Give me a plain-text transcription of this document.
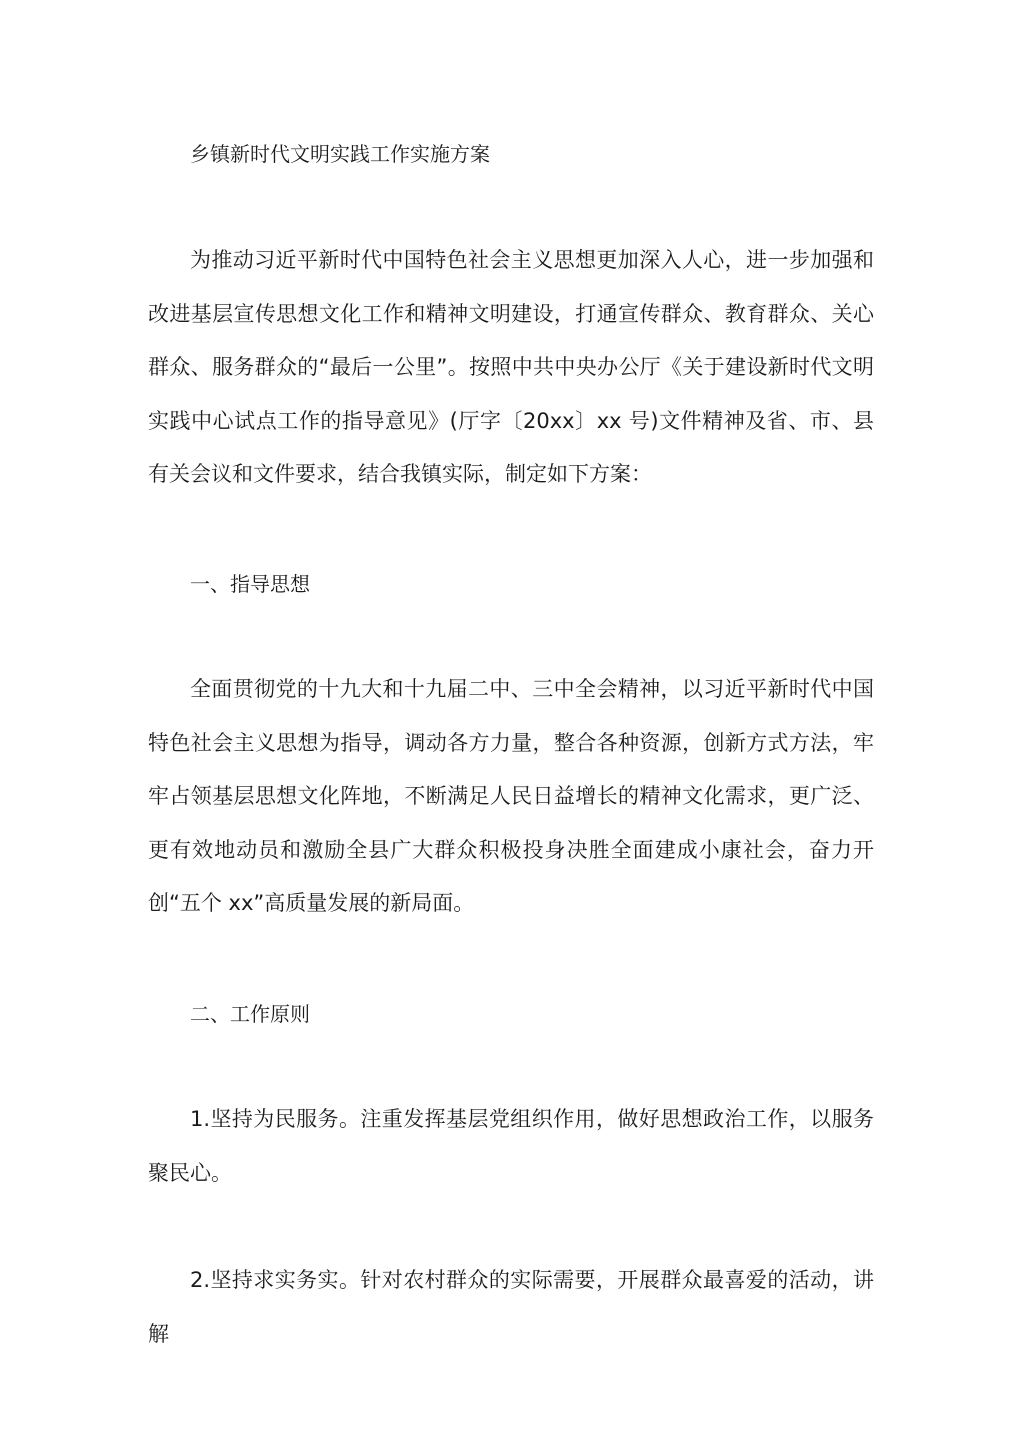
乡镇新时代文明实践工作实施方案
为推动习近平新时代中国特色社会主义思想更加深入人心，进一步加强和改进基层宣传思想文化工作和精神文明建设，打通宣传群众、教育群众、关心群众、服务群众的“最后一公里”。按照中共中央办公厅《关于建设新时代文明实践中心试点工作的指导意见》(厅字〔20xx〕xx 号)文件精神及省、市、县有关会议和文件要求，结合我镇实际，制定如下方案：
一、指导思想
全面贯彻党的十九大和十九届二中、三中全会精神，以习近平新时代中国特色社会主义思想为指导，调动各方力量，整合各种资源，创新方式方法，牢牢占领基层思想文化阵地，不断满足人民日益增长的精神文化需求，更广泛、更有效地动员和激励全县广大群众积极投身决胜全面建成小康社会，奋力开创“五个 xx”高质量发展的新局面。
二、工作原则
1.坚持为民服务。注重发挥基层党组织作用，做好思想政治工作，以服务聚民心。
2.坚持求实务实。针对农村群众的实际需要，开展群众最喜爱的活动，讲解
